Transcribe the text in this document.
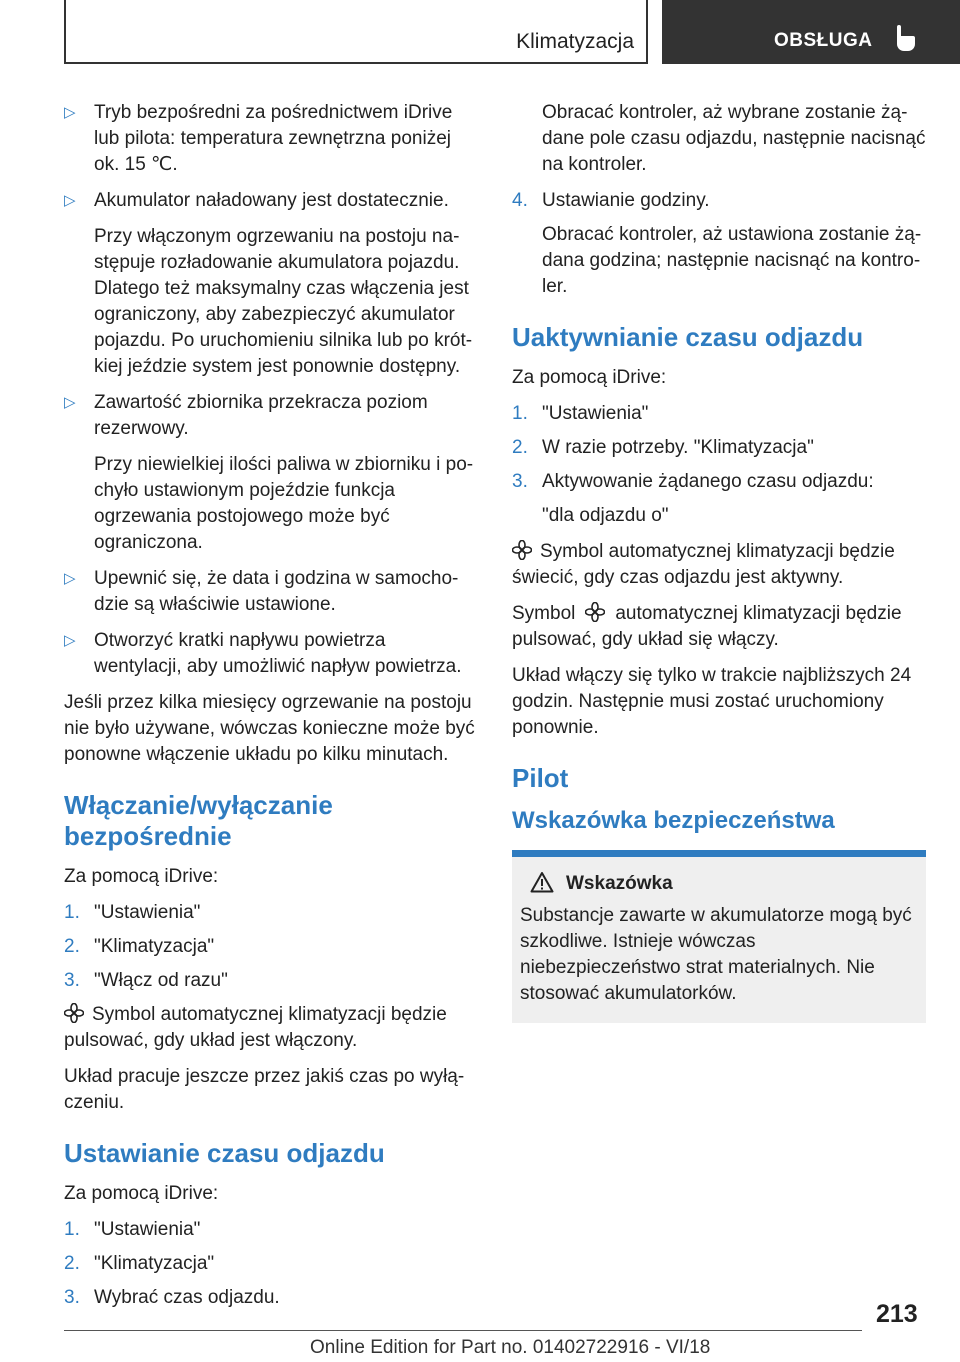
Klimatyzacja	OBSŁUGA
▷ Tryb bezpośredni za pośrednictwem iDrive lub pilota: temperatura zewnętrzna poniżej ok. 15 ℃.
▷ Akumulator naładowany jest dostatecznie.
Przy włączonym ogrzewaniu na postoju następuje rozładowanie akumulatora pojazdu. Dlatego też maksymalny czas włączenia jest ograniczony, aby zabezpieczyć akumulator pojazdu. Po uruchomieniu silnika lub po krótkiej jeździe system jest ponownie dostępny.
▷ Zawartość zbiornika przekracza poziom rezerwowy.
Przy niewielkiej ilości paliwa w zbiorniku i pochyło ustawionym pojeździe funkcja ogrzewania postojowego może być ograniczona.
▷ Upewnić się, że data i godzina w samochodzie są właściwie ustawione.
▷ Otworzyć kratki napływu powietrza wentylacji, aby umożliwić napływ powietrza.
Jeśli przez kilka miesięcy ogrzewanie na postoju nie było używane, wówczas konieczne może być ponowne włączenie układu po kilku minutach.
Włączanie/wyłączanie bezpośrednie
Za pomocą iDrive:
1. "Ustawienia"
2. "Klimatyzacja"
3. "Włącz od razu"
Symbol automatycznej klimatyzacji będzie pulsować, gdy układ jest włączony.
Układ pracuje jeszcze przez jakiś czas po wyłączeniu.
Ustawianie czasu odjazdu
Za pomocą iDrive:
1. "Ustawienia"
2. "Klimatyzacja"
3. Wybrać czas odjazdu.
Obracać kontroler, aż wybrane zostanie żądane pole czasu odjazdu, następnie nacisnąć na kontroler.
4. Ustawianie godziny.
Obracać kontroler, aż ustawiona zostanie żądana godzina; następnie nacisnąć na kontroler.
Uaktywnianie czasu odjazdu
Za pomocą iDrive:
1. "Ustawienia"
2. W razie potrzeby. "Klimatyzacja"
3. Aktywowanie żądanego czasu odjazdu:
"dla odjazdu o"
Symbol automatycznej klimatyzacji będzie świecić, gdy czas odjazdu jest aktywny.
Symbol automatycznej klimatyzacji będzie pulsować, gdy układ się włączy.
Układ włączy się tylko w trakcie najbliższych 24 godzin. Następnie musi zostać uruchomiony ponownie.
Pilot
Wskazówka bezpieczeństwa
Wskazówka
Substancje zawarte w akumulatorze mogą być szkodliwe. Istnieje wówczas niebezpieczeństwo strat materialnych. Nie stosować akumulatorków.
213
Online Edition for Part no. 01402722916 - VI/18
